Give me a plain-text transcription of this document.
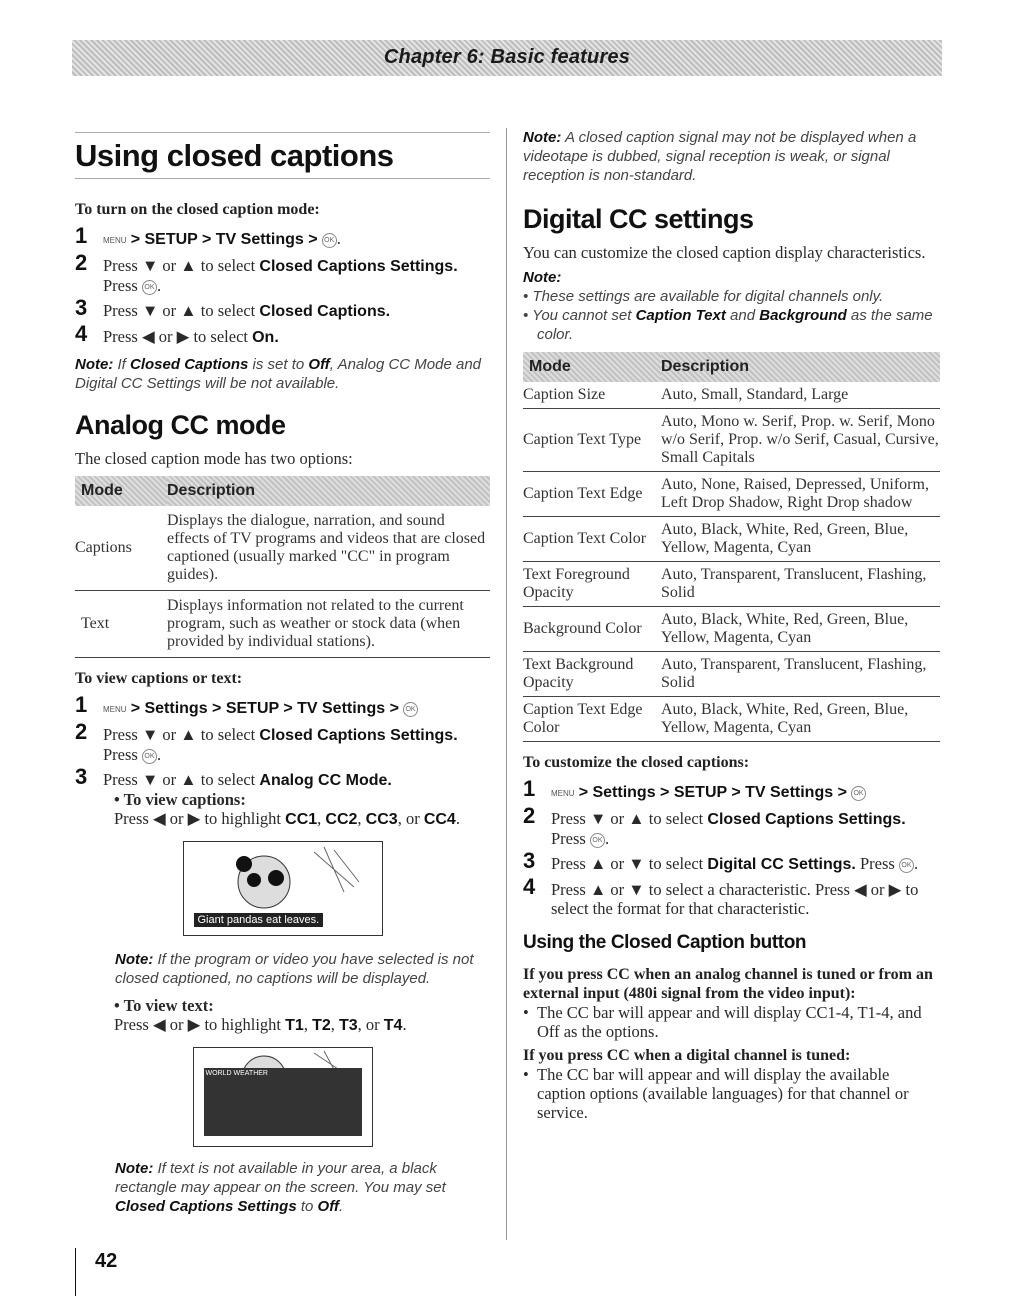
Chapter 6: Basic features
Using closed captions
To turn on the closed caption mode:
1 MENU > SETUP > TV Settings > OK .
2 Press ▼ or ▲ to select Closed Captions Settings.
Press OK .
3 Press ▼ or ▲ to select Closed Captions.
4 Press ◀ or ▶ to select On.
Note: If Closed Captions is set to Off, Analog CC Mode and Digital CC Settings will be not available.
Analog CC mode

The closed caption mode has two options:

Mode	Description
Captions	Displays the dialogue, narration, and sound effects of TV programs and videos that are closed captioned (usually marked "CC" in program guides).
Text	Displays information not related to the current program, such as weather or stock data (when provided by individual stations).
To view captions or text:
1 MENU > Settings > SETUP > TV Settings > OK
2 Press ▼ or ▲ to select Closed Captions Settings.
Press OK .
3 Press ▼ or ▲ to select Analog CC Mode.
• To view captions:
Press ◀ or ▶ to highlight CC1, CC2, CC3, or CC4.
Giant pandas eat leaves.
Note: If the program or video you have selected is not closed captioned, no captions will be displayed.
• To view text:
Press ◀ or ▶ to highlight T1, T2, T3, or T4.
WORLD WEATHER
Note: If text is not available in your area, a black rectangle may appear on the screen. You may set Closed Captions Settings to Off.
Note: A closed caption signal may not be displayed when a videotape is dubbed, signal reception is weak, or signal reception is non-standard.
Digital CC settings

You can customize the closed caption display characteristics.

Note:
• These settings are available for digital channels only.
• You cannot set Caption Text and Background as the same color.
Mode	Description
Caption Size	Auto, Small, Standard, Large
Caption Text Type	Auto, Mono w. Serif, Prop. w. Serif, Mono w/o Serif, Prop. w/o Serif, Casual, Cursive, Small Capitals
Caption Text Edge	Auto, None, Raised, Depressed, Uniform, Left Drop Shadow, Right Drop shadow
Caption Text Color	Auto, Black, White, Red, Green, Blue, Yellow, Magenta, Cyan
Text Foreground Opacity	Auto, Transparent, Translucent, Flashing, Solid
Background Color	Auto, Black, White, Red, Green, Blue, Yellow, Magenta, Cyan
Text Background Opacity	Auto, Transparent, Translucent, Flashing, Solid
Caption Text Edge Color	Auto, Black, White, Red, Green, Blue, Yellow, Magenta, Cyan
To customize the closed captions:
1 MENU > Settings > SETUP > TV Settings > OK
2 Press ▼ or ▲ to select Closed Captions Settings.
Press OK .
3 Press ▲ or ▼ to select Digital CC Settings. Press OK .
4 Press ▲ or ▼ to select a characteristic. Press ◀ or ▶ to select the format for that characteristic.
Using the Closed Caption button
If you press CC when an analog channel is tuned or from an external input (480i signal from the video input):
• The CC bar will appear and will display CC1-4, T1-4, and Off as the options.
If you press CC when a digital channel is tuned:
• The CC bar will appear and will display the available caption options (available languages) for that channel or service.
42
